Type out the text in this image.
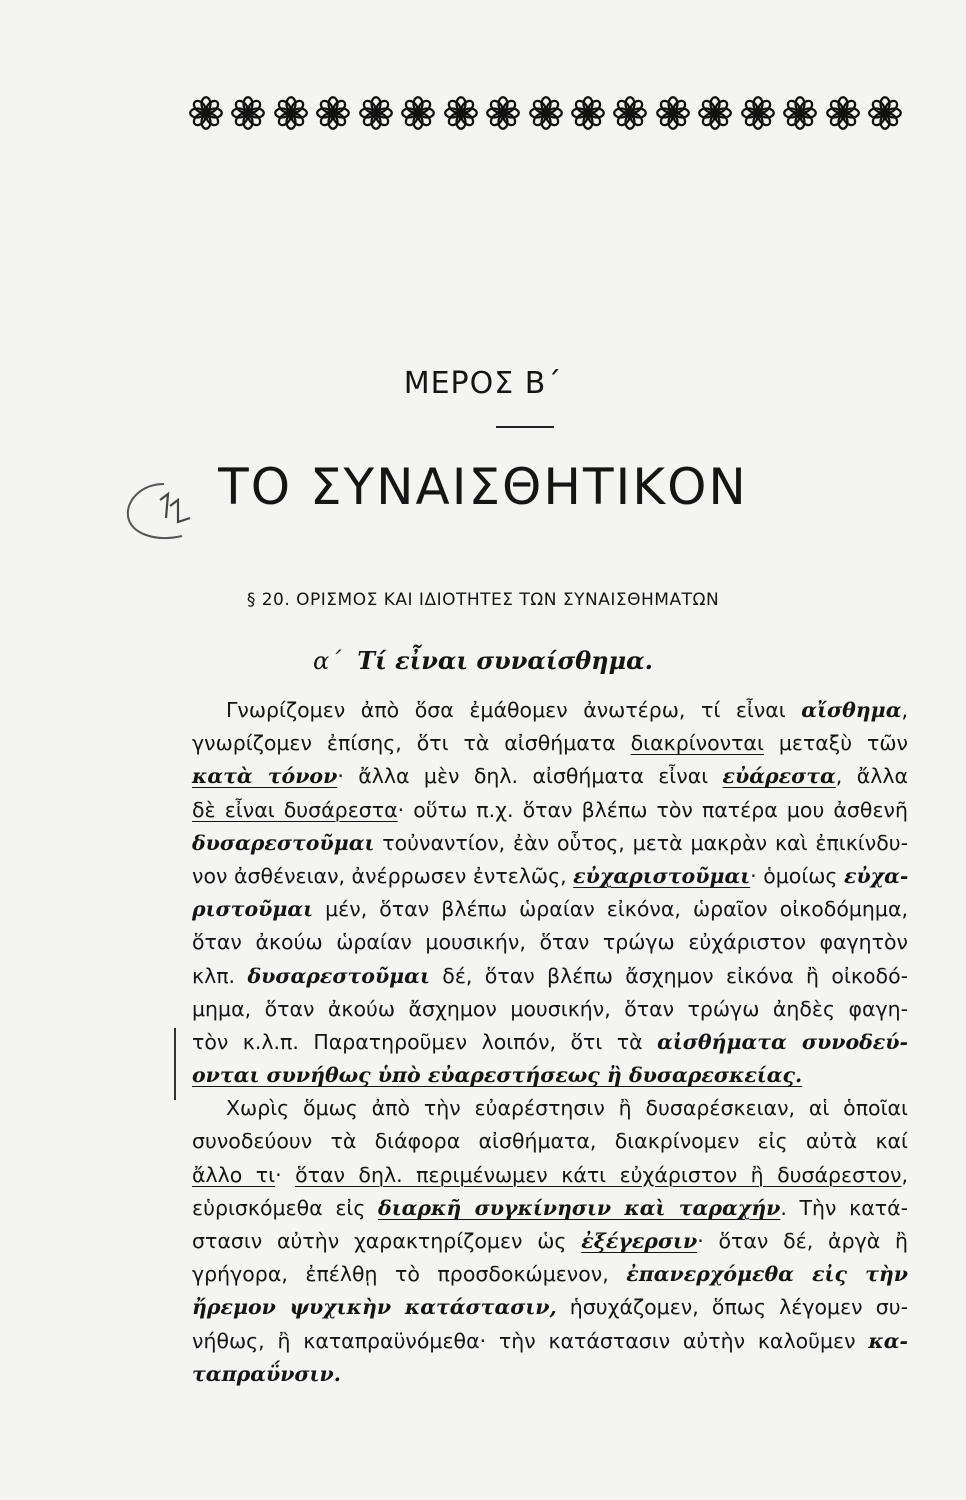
ΜΕΡΟΣ Β΄
ΤΟ ΣΥΝΑΙΣΘΗΤΙΚΟΝ
§ 20. ΟΡΙΣΜΟΣ ΚΑΙ ΙΔΙΟΤΗΤΕΣ ΤΩΝ ΣΥΝΑΙΣΘΗΜΑΤΩΝ
α΄ Τί εἶναι συναίσθημα.
Γνωρίζομεν ἀπὸ ὅσα ἐμάθομεν ἀνωτέρω, τί εἶναι αἴσθημα,
γνωρίζομεν ἐπίσης, ὅτι τὰ αἰσθήματα διακρίνονται μεταξὺ τῶν
κατὰ τόνον· ἄλλα μὲν δηλ. αἰσθήματα εἶναι εὐάρεστα, ἄλλα
δὲ εἶναι δυσάρεστα· οὕτω π.χ. ὅταν βλέπω τὸν πατέρα μου ἀσθενῆ
δυσαρεστοῦμαι τοὐναντίον, ἐὰν οὗτος, μετὰ μακρὰν καὶ ἐπικίνδυ-
νον ἀσθένειαν, ἀνέρρωσεν ἐντελῶς, εὐχαριστοῦμαι· ὁμοίως εὐχα-
ριστοῦμαι μέν, ὅταν βλέπω ὡραίαν εἰκόνα, ὡραῖον οἰκοδόμημα,
ὅταν ἀκούω ὡραίαν μουσικήν, ὅταν τρώγω εὐχάριστον φαγητὸν
κλπ. δυσαρεστοῦμαι δέ, ὅταν βλέπω ἄσχημον εἰκόνα ἢ οἰκοδό-
μημα, ὅταν ἀκούω ἄσχημον μουσικήν, ὅταν τρώγω ἀηδὲς φαγη-
τὸν κ.λ.π. Παρατηροῦμεν λοιπόν, ὅτι τὰ αἰσθήματα συνοδεύ-
ονται συνήθως ὑπὸ εὐαρεστήσεως ἢ δυσαρεσκείας.
Χωρὶς ὅμως ἀπὸ τὴν εὐαρέστησιν ἢ δυσαρέσκειαν, αἱ ὁποῖαι
συνοδεύουν τὰ διάφορα αἰσθήματα, διακρίνομεν εἰς αὐτὰ καί
ἄλλο τι· ὅταν δηλ. περιμένωμεν κάτι εὐχάριστον ἢ δυσάρεστον,
εὑρισκόμεθα εἰς διαρκῆ συγκίνησιν καὶ ταραχήν. Τὴν κατά-
στασιν αὐτὴν χαρακτηρίζομεν ὡς ἐξέγερσιν· ὅταν δέ, ἀργὰ ἢ
γρήγορα, ἐπέλθῃ τὸ προσδοκώμενον, ἐπανερχόμεθα εἰς τὴν
ἤρεμον ψυχικὴν κατάστασιν, ἡσυχάζομεν, ὅπως λέγομεν συ-
νήθως, ἢ καταπραϋνόμεθα· τὴν κατάστασιν αὐτὴν καλοῦμεν κα-
ταπραΰνσιν.
